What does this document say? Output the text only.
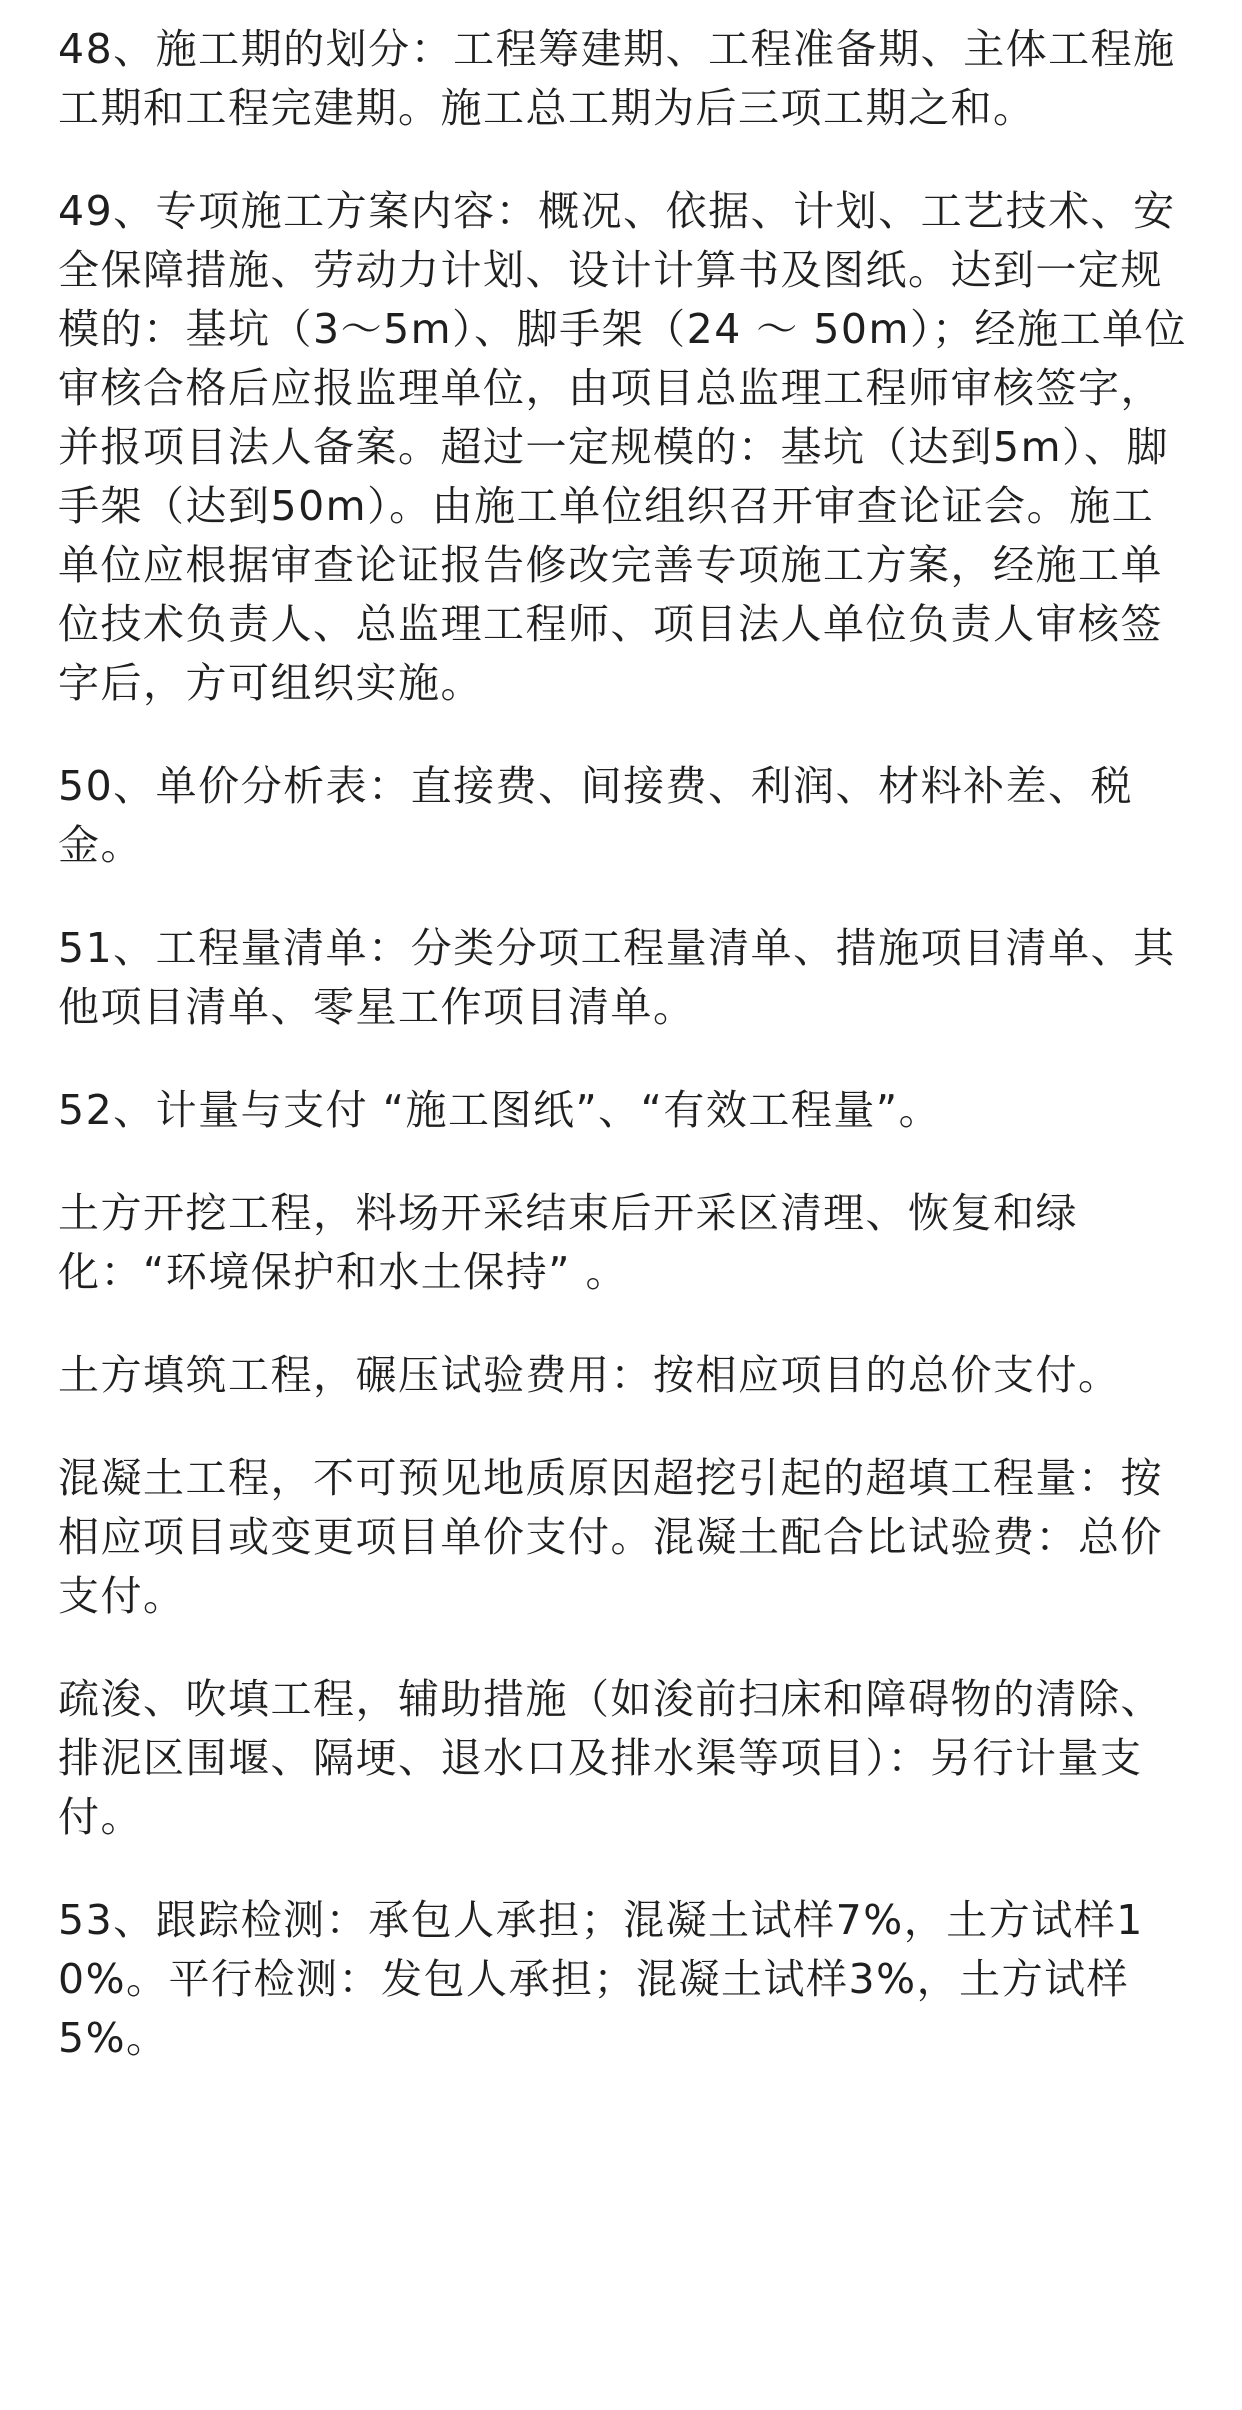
48、施工期的划分：工程筹建期、工程准备期、主体工程施工期和工程完建期。施工总工期为后三项工期之和。

49、专项施工方案内容：概况、依据、计划、工艺技术、安全保障措施、劳动力计划、设计计算书及图纸。达到一定规模的：基坑（3～5m）、脚手架（24 ～ 50m）；经施工单位审核合格后应报监理单位，由项目总监理工程师审核签字，并报项目法人备案。超过一定规模的：基坑（达到5m）、脚手架（达到50m）。由施工单位组织召开审查论证会。施工单位应根据审查论证报告修改完善专项施工方案，经施工单位技术负责人、总监理工程师、项目法人单位负责人审核签字后，方可组织实施。

50、单价分析表：直接费、间接费、利润、材料补差、税金。

51、工程量清单：分类分项工程量清单、措施项目清单、其他项目清单、零星工作项目清单。

52、计量与支付 “施工图纸”、“有效工程量”。

土方开挖工程，料场开采结束后开采区清理、恢复和绿化：“环境保护和水土保持” 。

土方填筑工程，碾压试验费用：按相应项目的总价支付。

混凝土工程，不可预见地质原因超挖引起的超填工程量：按相应项目或变更项目单价支付。混凝土配合比试验费：总价支付。

疏浚、吹填工程，辅助措施（如浚前扫床和障碍物的清除、排泥区围堰、隔埂、退水口及排水渠等项目）：另行计量支付。

53、跟踪检测：承包人承担；混凝土试样7%，土方试样10%。平行检测：发包人承担；混凝土试样3%，土方试样5%。
